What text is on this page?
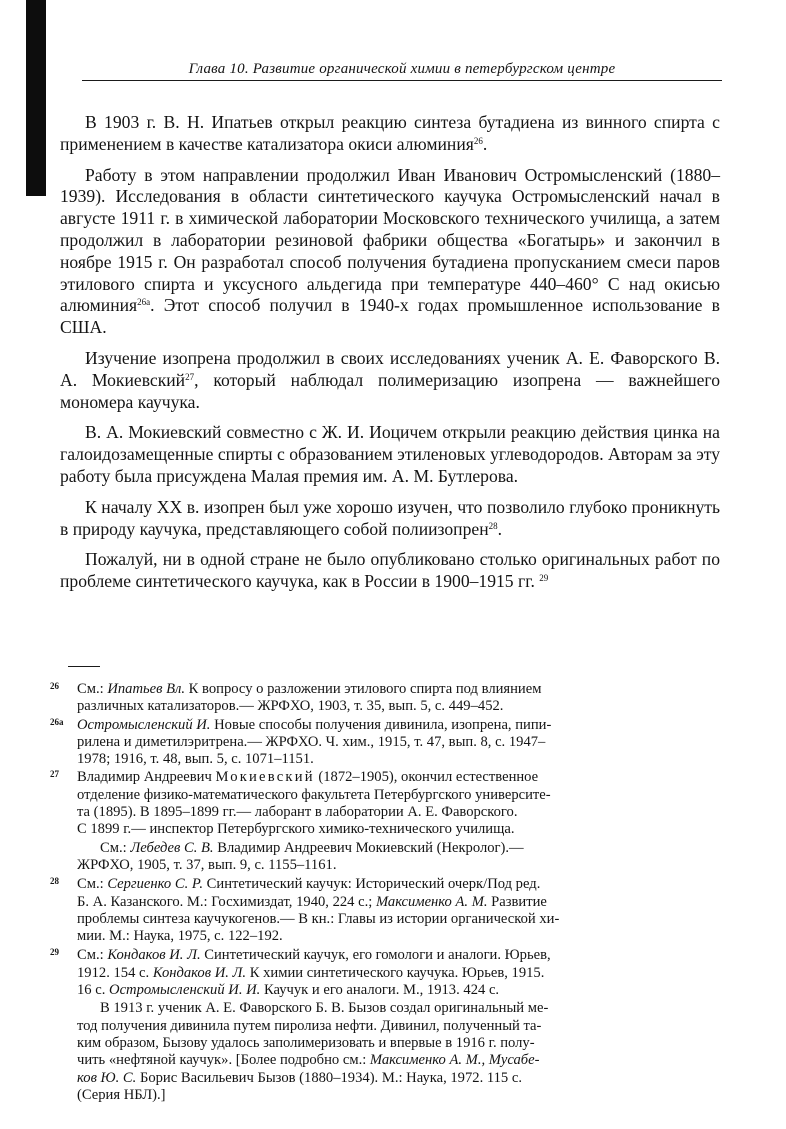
Глава 10. Развитие органической химии в петербургском центре

В 1903 г. В. Н. Ипатьев открыл реакцию синтеза бутадиена из винного спирта с применением в качестве катализатора окиси алюминия$^{26}$.

Работу в этом направлении продолжил Иван Иванович Остромысленский (1880–1939). Исследования в области синтетического каучука Остромысленский начал в августе 1911 г. в химической лаборатории Московского технического училища, а затем продолжил в лаборатории резиновой фабрики общества «Богатырь» и закончил в ноябре 1915 г. Он разработал способ получения бутадиена пропусканием смеси паров этилового спирта и уксусного альдегида при температуре 440–460° С над окисью алюминия$^{26а}$. Этот способ получил в 1940-х годах промышленное использование в США.

Изучение изопрена продолжил в своих исследованиях ученик А. Е. Фаворского В. А. Мокиевский$^{27}$, который наблюдал полимеризацию изопрена — важнейшего мономера каучука.

В. А. Мокиевский совместно с Ж. И. Иоцичем открыли реакцию действия цинка на галоидозамещенные спирты с образованием этиленовых углеводородов. Авторам за эту работу была присуждена Малая премия им. А. М. Бутлерова.

К началу XX в. изопрен был уже хорошо изучен, что позволило глубоко проникнуть в природу каучука, представляющего собой полиизопрен$^{28}$.

Пожалуй, ни в одной стране не было опубликовано столько оригинальных работ по проблеме синтетического каучука, как в России в 1900–1915 гг. $^{29}$

26 См.: Ипатьев Вл. К вопросу о разложении этилового спирта под влиянием
различных катализаторов.— ЖРФХО, 1903, т. 35, вып. 5, с. 449–452.
26а Остромысленский И. Новые способы получения дивинила, изопрена, пипи-
рилена и диметилэритрена.— ЖРФХО. Ч. хим., 1915, т. 47, вып. 8, с. 1947–
1978; 1916, т. 48, вып. 5, с. 1071–1151.
27 Владимир Андреевич Мокиевский (1872–1905), окончил естественное
отделение физико-математического факультета Петербургского университе-
та (1895). В 1895–1899 гг.— лаборант в лаборатории А. Е. Фаворского.
С 1899 г.— инспектор Петербургского химико-технического училища.
См.: Лебедев С. В. Владимир Андреевич Мокиевский (Некролог).—
ЖРФХО, 1905, т. 37, вып. 9, с. 1155–1161.
28 См.: Сергиенко С. Р. Синтетический каучук: Исторический очерк/Под ред.
Б. А. Казанского. М.: Госхимиздат, 1940, 224 с.; Максименко А. М. Развитие
проблемы синтеза каучукогенов.— В кн.: Главы из истории органической хи-
мии. М.: Наука, 1975, с. 122–192.
29 См.: Кондаков И. Л. Синтетический каучук, его гомологи и аналоги. Юрьев,
1912. 154 с. Кондаков И. Л. К химии синтетического каучука. Юрьев, 1915.
16 с. Остромысленский И. И. Каучук и его аналоги. М., 1913. 424 с.
В 1913 г. ученик А. Е. Фаворского Б. В. Бызов создал оригинальный ме-
тод получения дивинила путем пиролиза нефти. Дивинил, полученный та-
ким образом, Бызову удалось заполимеризовать и впервые в 1916 г. полу-
чить «нефтяной каучук». [Более подробно см.: Максименко А. М., Мусабе-
ков Ю. С. Борис Васильевич Бызов (1880–1934). М.: Наука, 1972. 115 с.
(Серия НБЛ).]
